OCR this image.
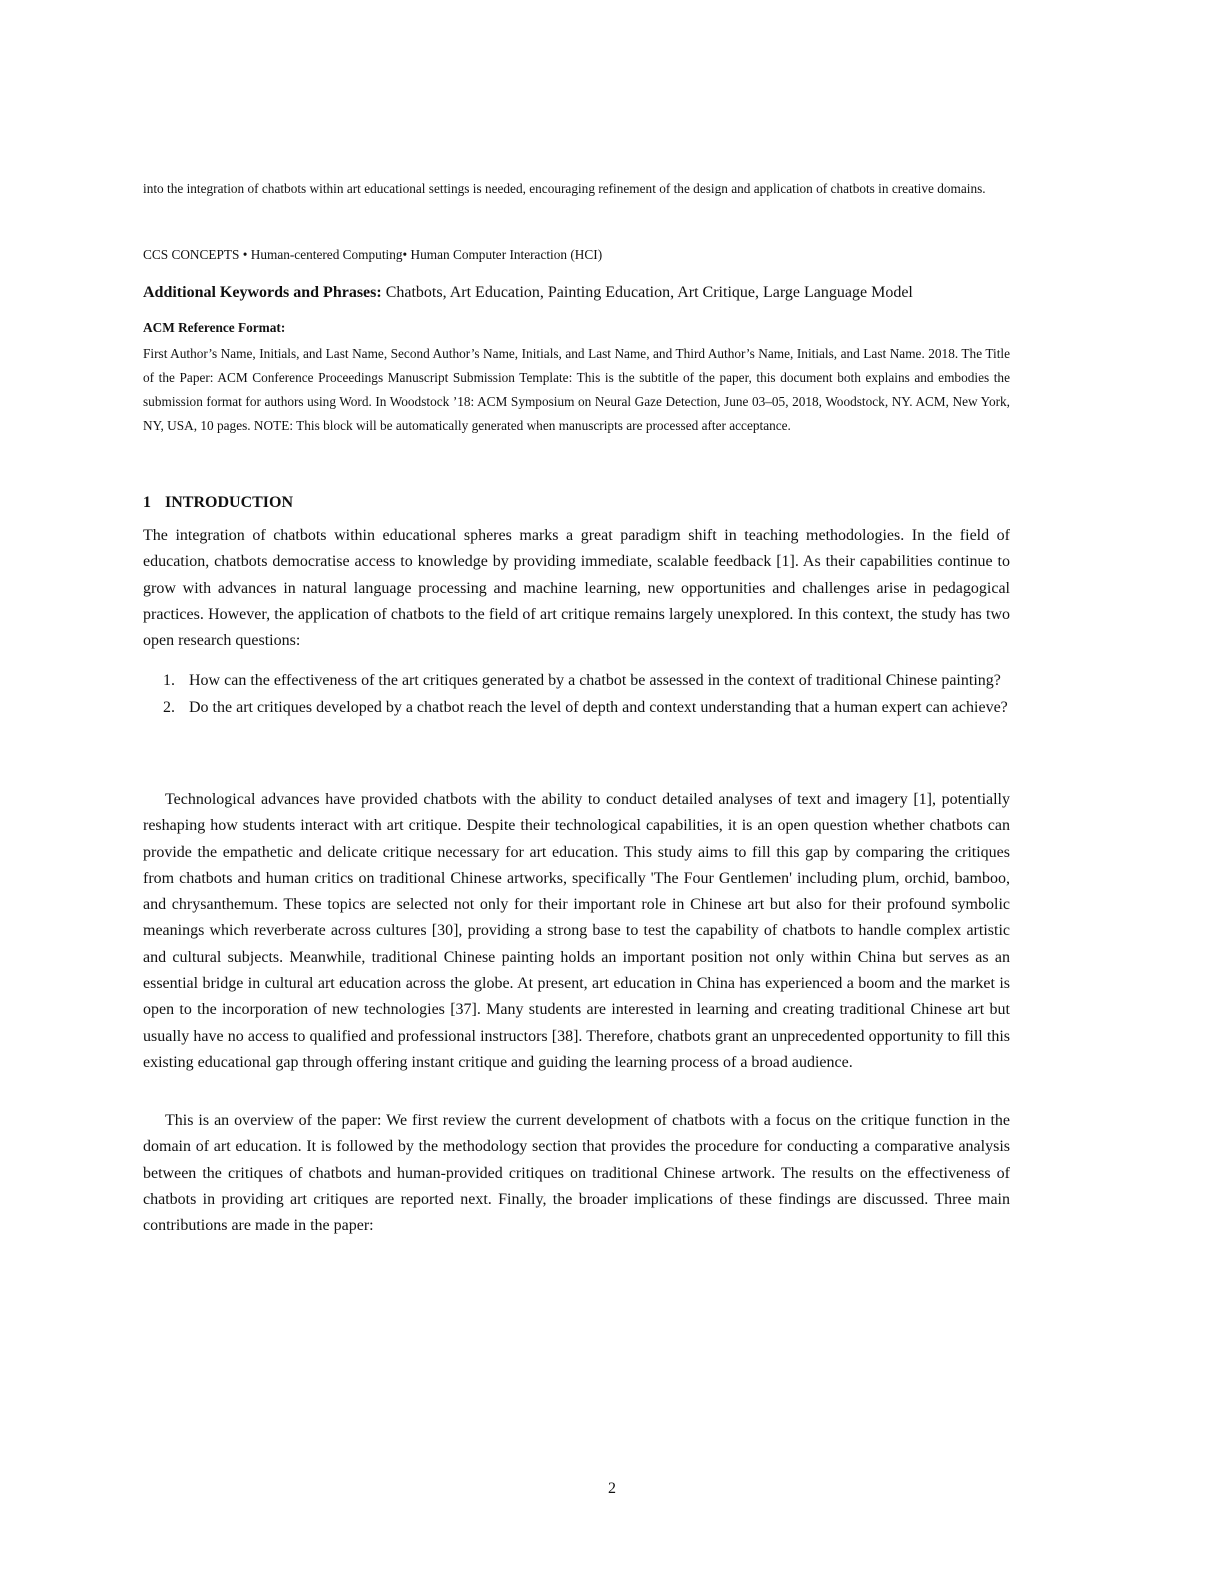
into the integration of chatbots within art educational settings is needed, encouraging refinement of the design and application of chatbots in creative domains.

CCS CONCEPTS • Human-centered Computing• Human Computer Interaction (HCI)

Additional Keywords and Phrases: Chatbots, Art Education, Painting Education, Art Critique, Large Language Model

ACM Reference Format:

First Author’s Name, Initials, and Last Name, Second Author’s Name, Initials, and Last Name, and Third Author’s Name, Initials, and Last Name. 2018. The Title of the Paper: ACM Conference Proceedings Manuscript Submission Template: This is the subtitle of the paper, this document both explains and embodies the submission format for authors using Word. In Woodstock ’18: ACM Symposium on Neural Gaze Detection, June 03–05, 2018, Woodstock, NY. ACM, New York, NY, USA, 10 pages. NOTE: This block will be automatically generated when manuscripts are processed after acceptance.

1 INTRODUCTION

The integration of chatbots within educational spheres marks a great paradigm shift in teaching methodologies. In the field of education, chatbots democratise access to knowledge by providing immediate, scalable feedback [1]. As their capabilities continue to grow with advances in natural language processing and machine learning, new opportunities and challenges arise in pedagogical practices. However, the application of chatbots to the field of art critique remains largely unexplored. In this context, the study has two open research questions:

1. How can the effectiveness of the art critiques generated by a chatbot be assessed in the context of traditional Chinese painting?
2. Do the art critiques developed by a chatbot reach the level of depth and context understanding that a human expert can achieve?

Technological advances have provided chatbots with the ability to conduct detailed analyses of text and imagery [1], potentially reshaping how students interact with art critique. Despite their technological capabilities, it is an open question whether chatbots can provide the empathetic and delicate critique necessary for art education. This study aims to fill this gap by comparing the critiques from chatbots and human critics on traditional Chinese artworks, specifically 'The Four Gentlemen' including plum, orchid, bamboo, and chrysanthemum. These topics are selected not only for their important role in Chinese art but also for their profound symbolic meanings which reverberate across cultures [30], providing a strong base to test the capability of chatbots to handle complex artistic and cultural subjects. Meanwhile, traditional Chinese painting holds an important position not only within China but serves as an essential bridge in cultural art education across the globe. At present, art education in China has experienced a boom and the market is open to the incorporation of new technologies [37]. Many students are interested in learning and creating traditional Chinese art but usually have no access to qualified and professional instructors [38]. Therefore, chatbots grant an unprecedented opportunity to fill this existing educational gap through offering instant critique and guiding the learning process of a broad audience.

This is an overview of the paper: We first review the current development of chatbots with a focus on the critique function in the domain of art education. It is followed by the methodology section that provides the procedure for conducting a comparative analysis between the critiques of chatbots and human-provided critiques on traditional Chinese artwork. The results on the effectiveness of chatbots in providing art critiques are reported next. Finally, the broader implications of these findings are discussed. Three main contributions are made in the paper:

2
